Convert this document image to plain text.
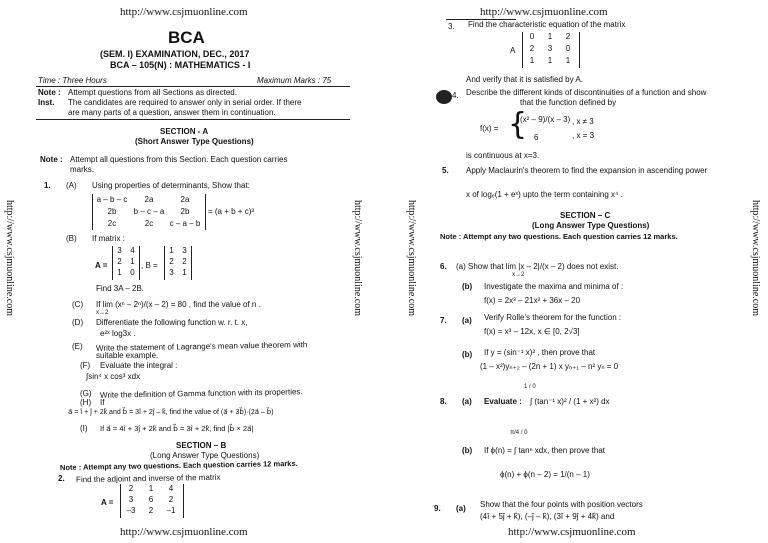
http://www.csjmuonline.com
http://www.csjmuonline.com	http://www.csjmuonline.com
BCA
(SEM. I) EXAMINATION, DEC., 2017
BCA – 105(N) : MATHEMATICS - I
Time : Three Hours	Maximum Marks : 75
Note : Attempt questions from all Sections as directed.
Inst. The candidates are required to answer only in serial order. If there
are many parts of a question, answer them in continuation.
SECTION - A
(Short Answer Type Questions)
Note : Attempt all questions from this Section. Each question carries
marks.
1. (A) Using properties of determinants, Show that:
a – b – c	2a	2a
2b	b – c – a	2b
2c	2c	c – a – b
= (a + b + c)³
(B) If matrix :
A =
3	4
2	1
1	0
, B =
1	3
2	2
3	1
Find 3A – 2B.
(C) If lim (xⁿ – 2ⁿ)/(x – 2) = 80 , find the value of n .
x→2
(D) Differentiate the following function w. r. t. x,
e²ˣ log3x .
(E) Write the statement of Lagrange's mean value theorem with
suitable example.
(F) Evaluate the integral :
∫sin⁴ x cos³ xdx
(G) Write the definition of Gamma function with its properties.
(H) If
a⃗ = î + ĵ + 2k̂ and b⃗ = 3î + 2ĵ – k̂, find the value of (a⃗ + 3b⃗)·(2a⃗ – b⃗)
(I) If a⃗ = 4î + 3ĵ + 2k̂ and b⃗ = 3î + 2k̂, find |b⃗ × 2a⃗|
SECTION – B
(Long Answer Type Questions)
Note : Attempt any two questions. Each question carries 12 marks.
2. Find the adjoint and inverse of the matrix
A =
2	1	4
3	6	2
–3	2	–1
http://www.csjmuonline.com
http://www.csjmuonline.com
http://www.csjmuonline.com	http://www.csjmuonline.com
3. Find the characteristic equation of the matrix
A
0	1	2
2	3	0
1	1	1
And verify that it is satisfied by A.
4. Describe the different kinds of discontinuities of a function and show
that the function defined by
f(x) = {
(x² – 9)/(x – 3) , x ≠ 3
6	, x = 3
is continuous at x=3.
5. Apply Maclaurin's theorem to find the expansion in ascending power
x of logₑ(1 + eˣ) upto the term containing x⁴ .
SECTION – C
(Long Answer Type Questions)
Note : Attempt any two questions. Each question carries 12 marks.
6. (a) Show that lim |x – 2|/(x – 2) does not exist.
x→2
(b) Investigate the maxima and minima of :
f(x) = 2x³ – 21x² + 36x – 20
7. (a) Verify Rolle's theorem for the function :
f(x) = x³ – 12x, x ∈ [0, 2√3]
(b) If y = (sin⁻¹ x)² , then prove that
(1 – x²)yₙ₊₂ – (2n + 1) x yₙ₊₁ – n² yₙ = 0
8. (a) Evaluate :
1 / 0
∫ (tan⁻¹ x)² / (1 + x²) dx
(b)
π/4 / 0
If ϕ(n) = ∫ tanⁿ xdx, then prove that
ϕ(n) + ϕ(n – 2) = 1/(n – 1)
9. (a) Show that the four points with position vectors
(4î + 5ĵ + k̂), (–ĵ – k̂), (3î + 9ĵ + 4k̂) and
http://www.csjmuonline.com
